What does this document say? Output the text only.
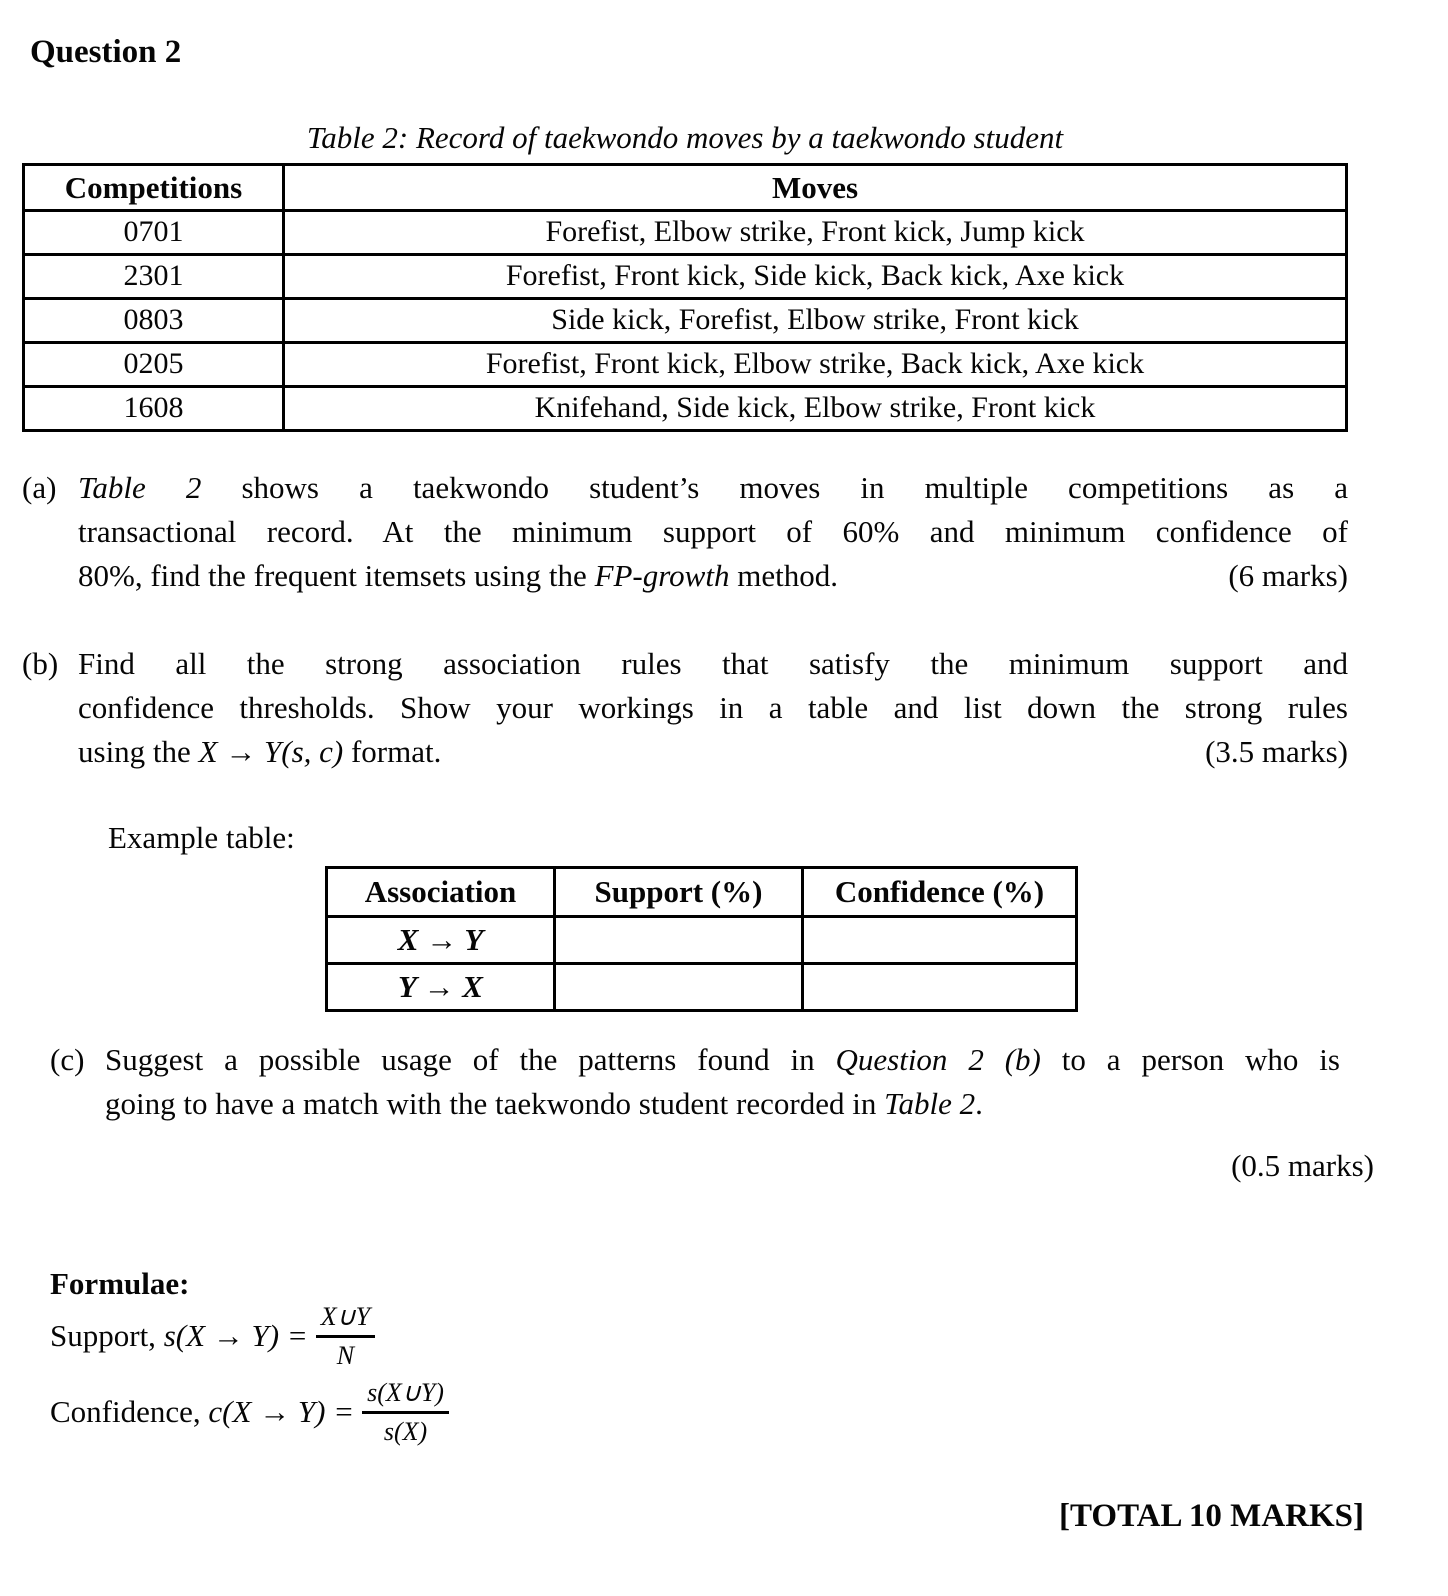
Question 2
Table 2: Record of taekwondo moves by a taekwondo student
Competitions	Moves
0701	Forefist, Elbow strike, Front kick, Jump kick
2301	Forefist, Front kick, Side kick, Back kick, Axe kick
0803	Side kick, Forefist, Elbow strike, Front kick
0205	Forefist, Front kick, Elbow strike, Back kick, Axe kick
1608	Knifehand, Side kick, Elbow strike, Front kick
(a) Table 2 shows a taekwondo student’s moves in multiple competitions as a
transactional record. At the minimum support of 60% and minimum confidence of
80%, find the frequent itemsets using the FP-growth method.	(6 marks)
(b) Find all the strong association rules that satisfy the minimum support and
confidence thresholds. Show your workings in a table and list down the strong rules
using the X → Y(s, c) format.	(3.5 marks)
Example table:
Association	Support (%)	Confidence (%)
X → Y		
Y → X		
(c) Suggest a possible usage of the patterns found in Question 2 (b) to a person who is
going to have a match with the taekwondo student recorded in Table 2.
(0.5 marks)
Formulae:
Support, $s(X \to Y) = \frac{X\cup Y}{N}$
Confidence, $c(X \to Y) = \frac{s(X\cup Y)}{s(X)}$
[TOTAL 10 MARKS]
